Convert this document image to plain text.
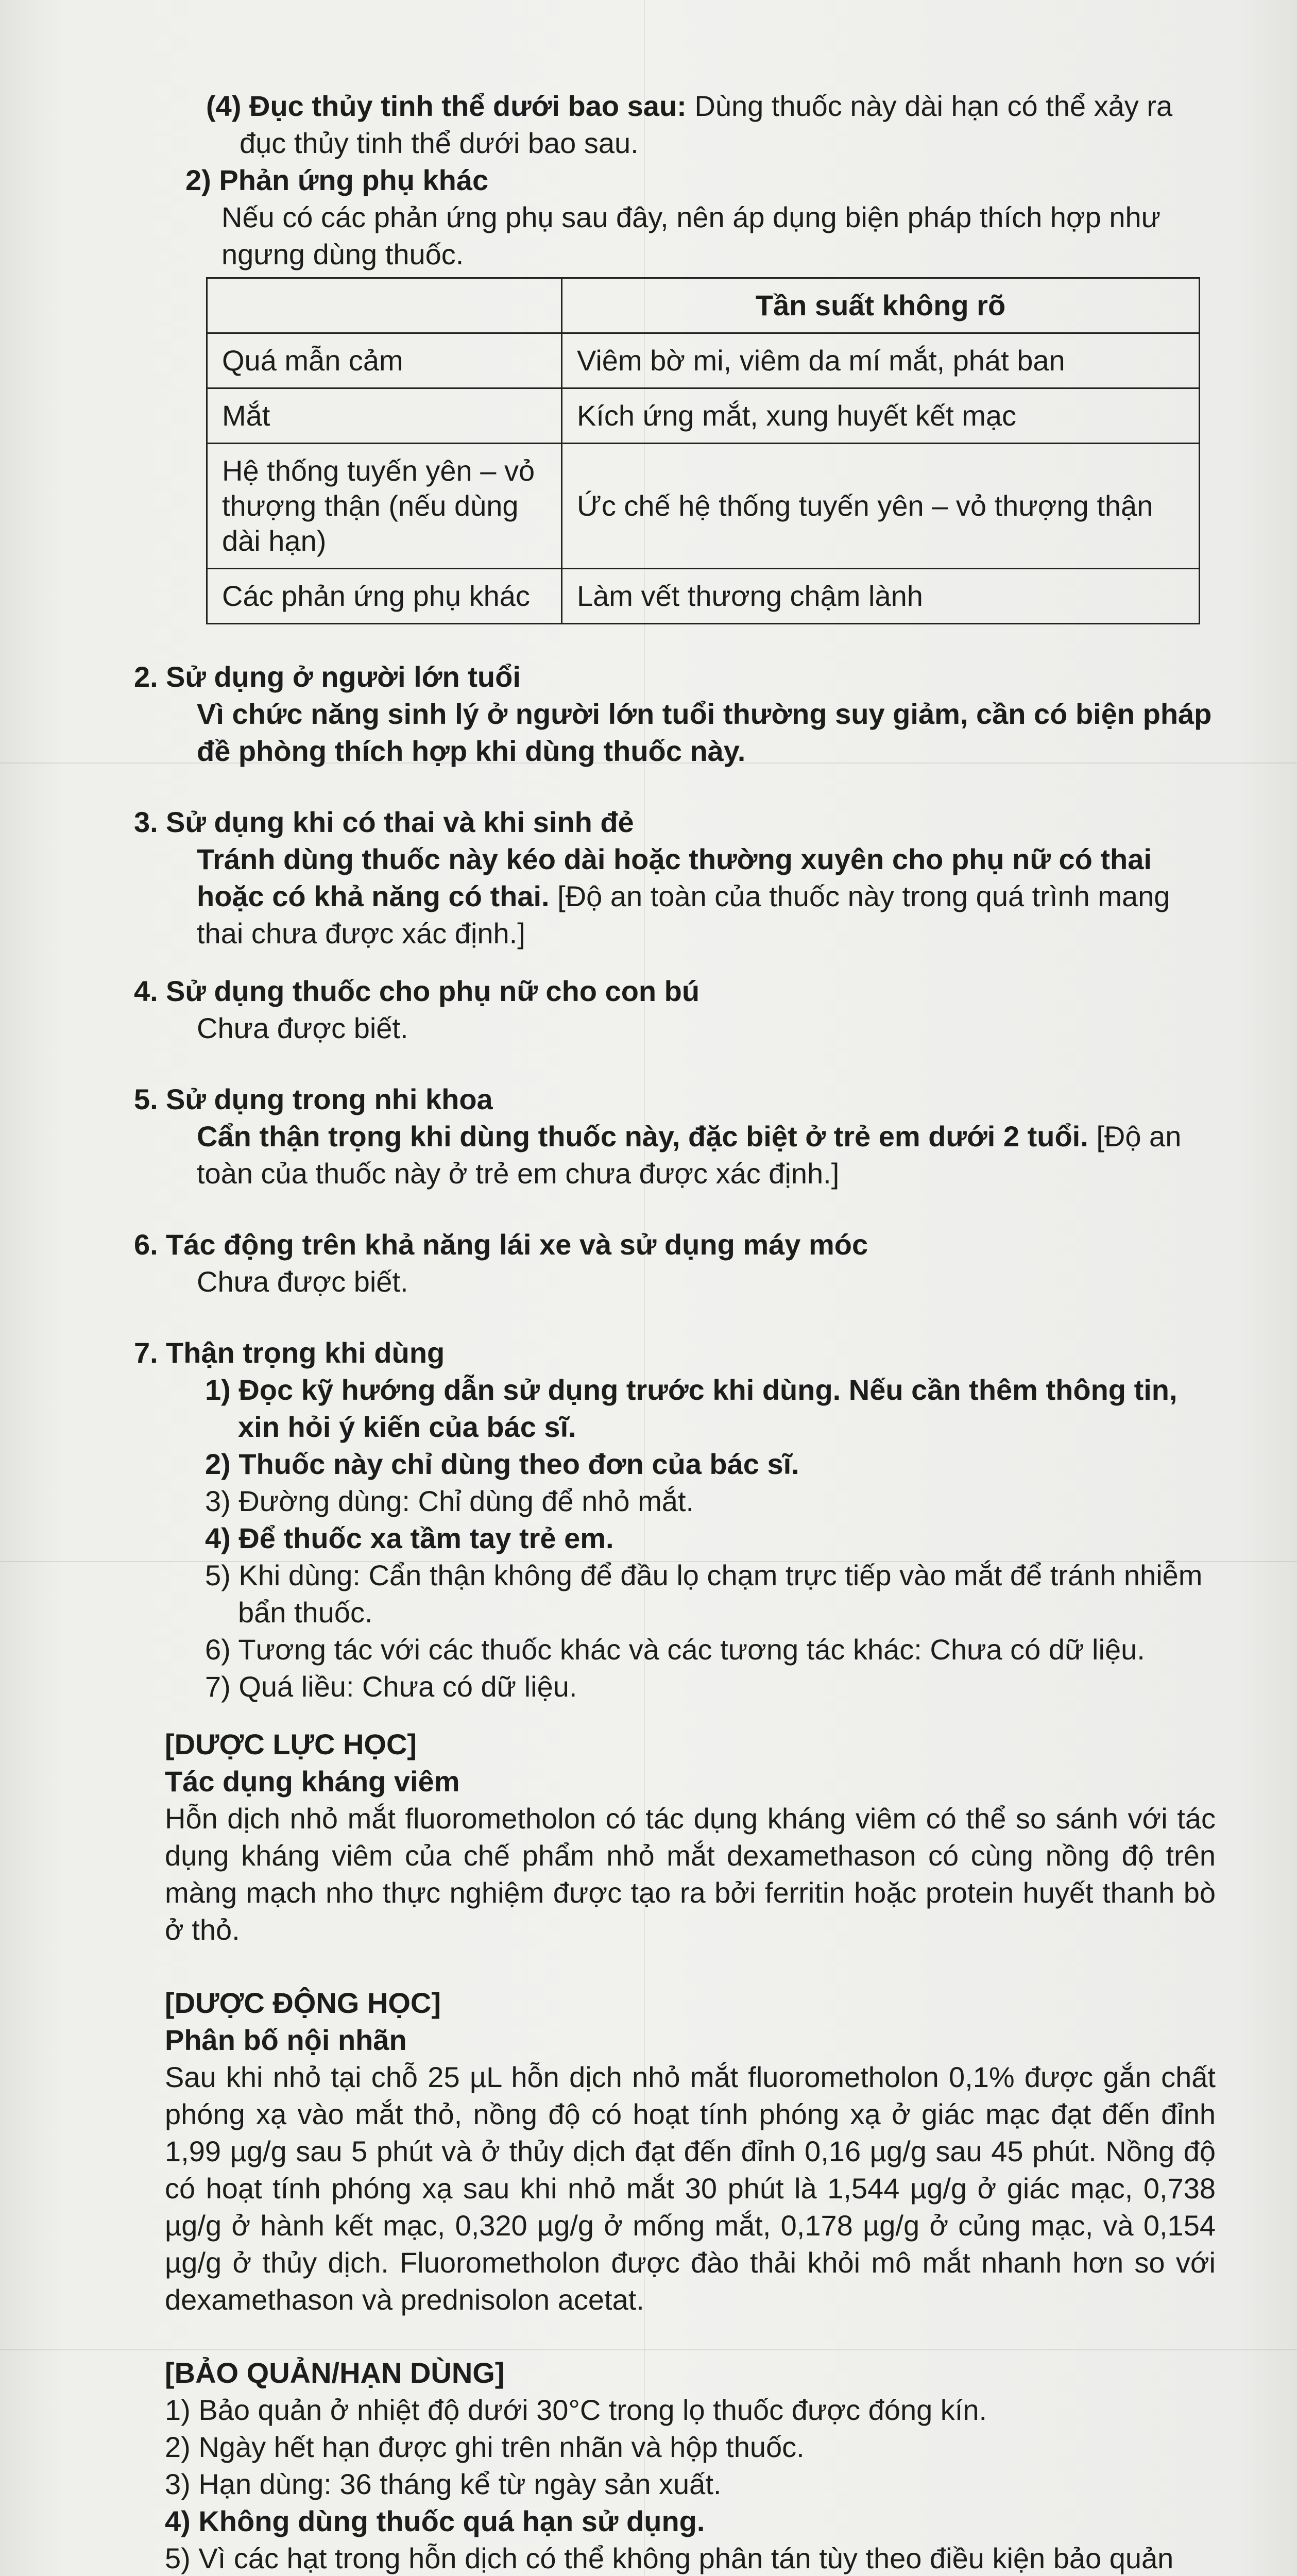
(4) Đục thủy tinh thể dưới bao sau: Dùng thuốc này dài hạn có thể xảy ra đục thủy tinh thể dưới bao sau.

2) Phản ứng phụ khác

Nếu có các phản ứng phụ sau đây, nên áp dụng biện pháp thích hợp như ngưng dùng thuốc.

	Tần suất không rõ
Quá mẫn cảm	Viêm bờ mi, viêm da mí mắt, phát ban
Mắt	Kích ứng mắt, xung huyết kết mạc
Hệ thống tuyến yên – vỏ thượng thận (nếu dùng dài hạn)	Ức chế hệ thống tuyến yên – vỏ thượng thận
Các phản ứng phụ khác	Làm vết thương chậm lành

2. Sử dụng ở người lớn tuổi

Vì chức năng sinh lý ở người lớn tuổi thường suy giảm, cần có biện pháp đề phòng thích hợp khi dùng thuốc này.

3. Sử dụng khi có thai và khi sinh đẻ

Tránh dùng thuốc này kéo dài hoặc thường xuyên cho phụ nữ có thai hoặc có khả năng có thai. [Độ an toàn của thuốc này trong quá trình mang thai chưa được xác định.]

4. Sử dụng thuốc cho phụ nữ cho con bú

Chưa được biết.

5. Sử dụng trong nhi khoa

Cẩn thận trọng khi dùng thuốc này, đặc biệt ở trẻ em dưới 2 tuổi. [Độ an toàn của thuốc này ở trẻ em chưa được xác định.]

6. Tác động trên khả năng lái xe và sử dụng máy móc

Chưa được biết.

7. Thận trọng khi dùng

1) Đọc kỹ hướng dẫn sử dụng trước khi dùng. Nếu cần thêm thông tin, xin hỏi ý kiến của bác sĩ.

2) Thuốc này chỉ dùng theo đơn của bác sĩ.

3) Đường dùng: Chỉ dùng để nhỏ mắt.

4) Để thuốc xa tầm tay trẻ em.

5) Khi dùng: Cẩn thận không để đầu lọ chạm trực tiếp vào mắt để tránh nhiễm bẩn thuốc.

6) Tương tác với các thuốc khác và các tương tác khác: Chưa có dữ liệu.

7) Quá liều: Chưa có dữ liệu.

[DƯỢC LỰC HỌC]

Tác dụng kháng viêm

Hỗn dịch nhỏ mắt fluorometholon có tác dụng kháng viêm có thể so sánh với tác dụng kháng viêm của chế phẩm nhỏ mắt dexamethason có cùng nồng độ trên màng mạch nho thực nghiệm được tạo ra bởi ferritin hoặc protein huyết thanh bò ở thỏ.

[DƯỢC ĐỘNG HỌC]

Phân bố nội nhãn

Sau khi nhỏ tại chỗ 25 µL hỗn dịch nhỏ mắt fluorometholon 0,1% được gắn chất phóng xạ vào mắt thỏ, nồng độ có hoạt tính phóng xạ ở giác mạc đạt đến đỉnh 1,99 µg/g sau 5 phút và ở thủy dịch đạt đến đỉnh 0,16 µg/g sau 45 phút. Nồng độ có hoạt tính phóng xạ sau khi nhỏ mắt 30 phút là 1,544 µg/g ở giác mạc, 0,738 µg/g ở hành kết mạc, 0,320 µg/g ở mống mắt, 0,178 µg/g ở củng mạc, và 0,154 µg/g ở thủy dịch. Fluorometholon được đào thải khỏi mô mắt nhanh hơn so với dexamethason và prednisolon acetat.

[BẢO QUẢN/HẠN DÙNG]

1) Bảo quản ở nhiệt độ dưới 30°C trong lọ thuốc được đóng kín.

2) Ngày hết hạn được ghi trên nhãn và hộp thuốc.

3) Hạn dùng: 36 tháng kể từ ngày sản xuất.

4) Không dùng thuốc quá hạn sử dụng.

5) Vì các hạt trong hỗn dịch có thể không phân tán tùy theo điều kiện bảo quản
